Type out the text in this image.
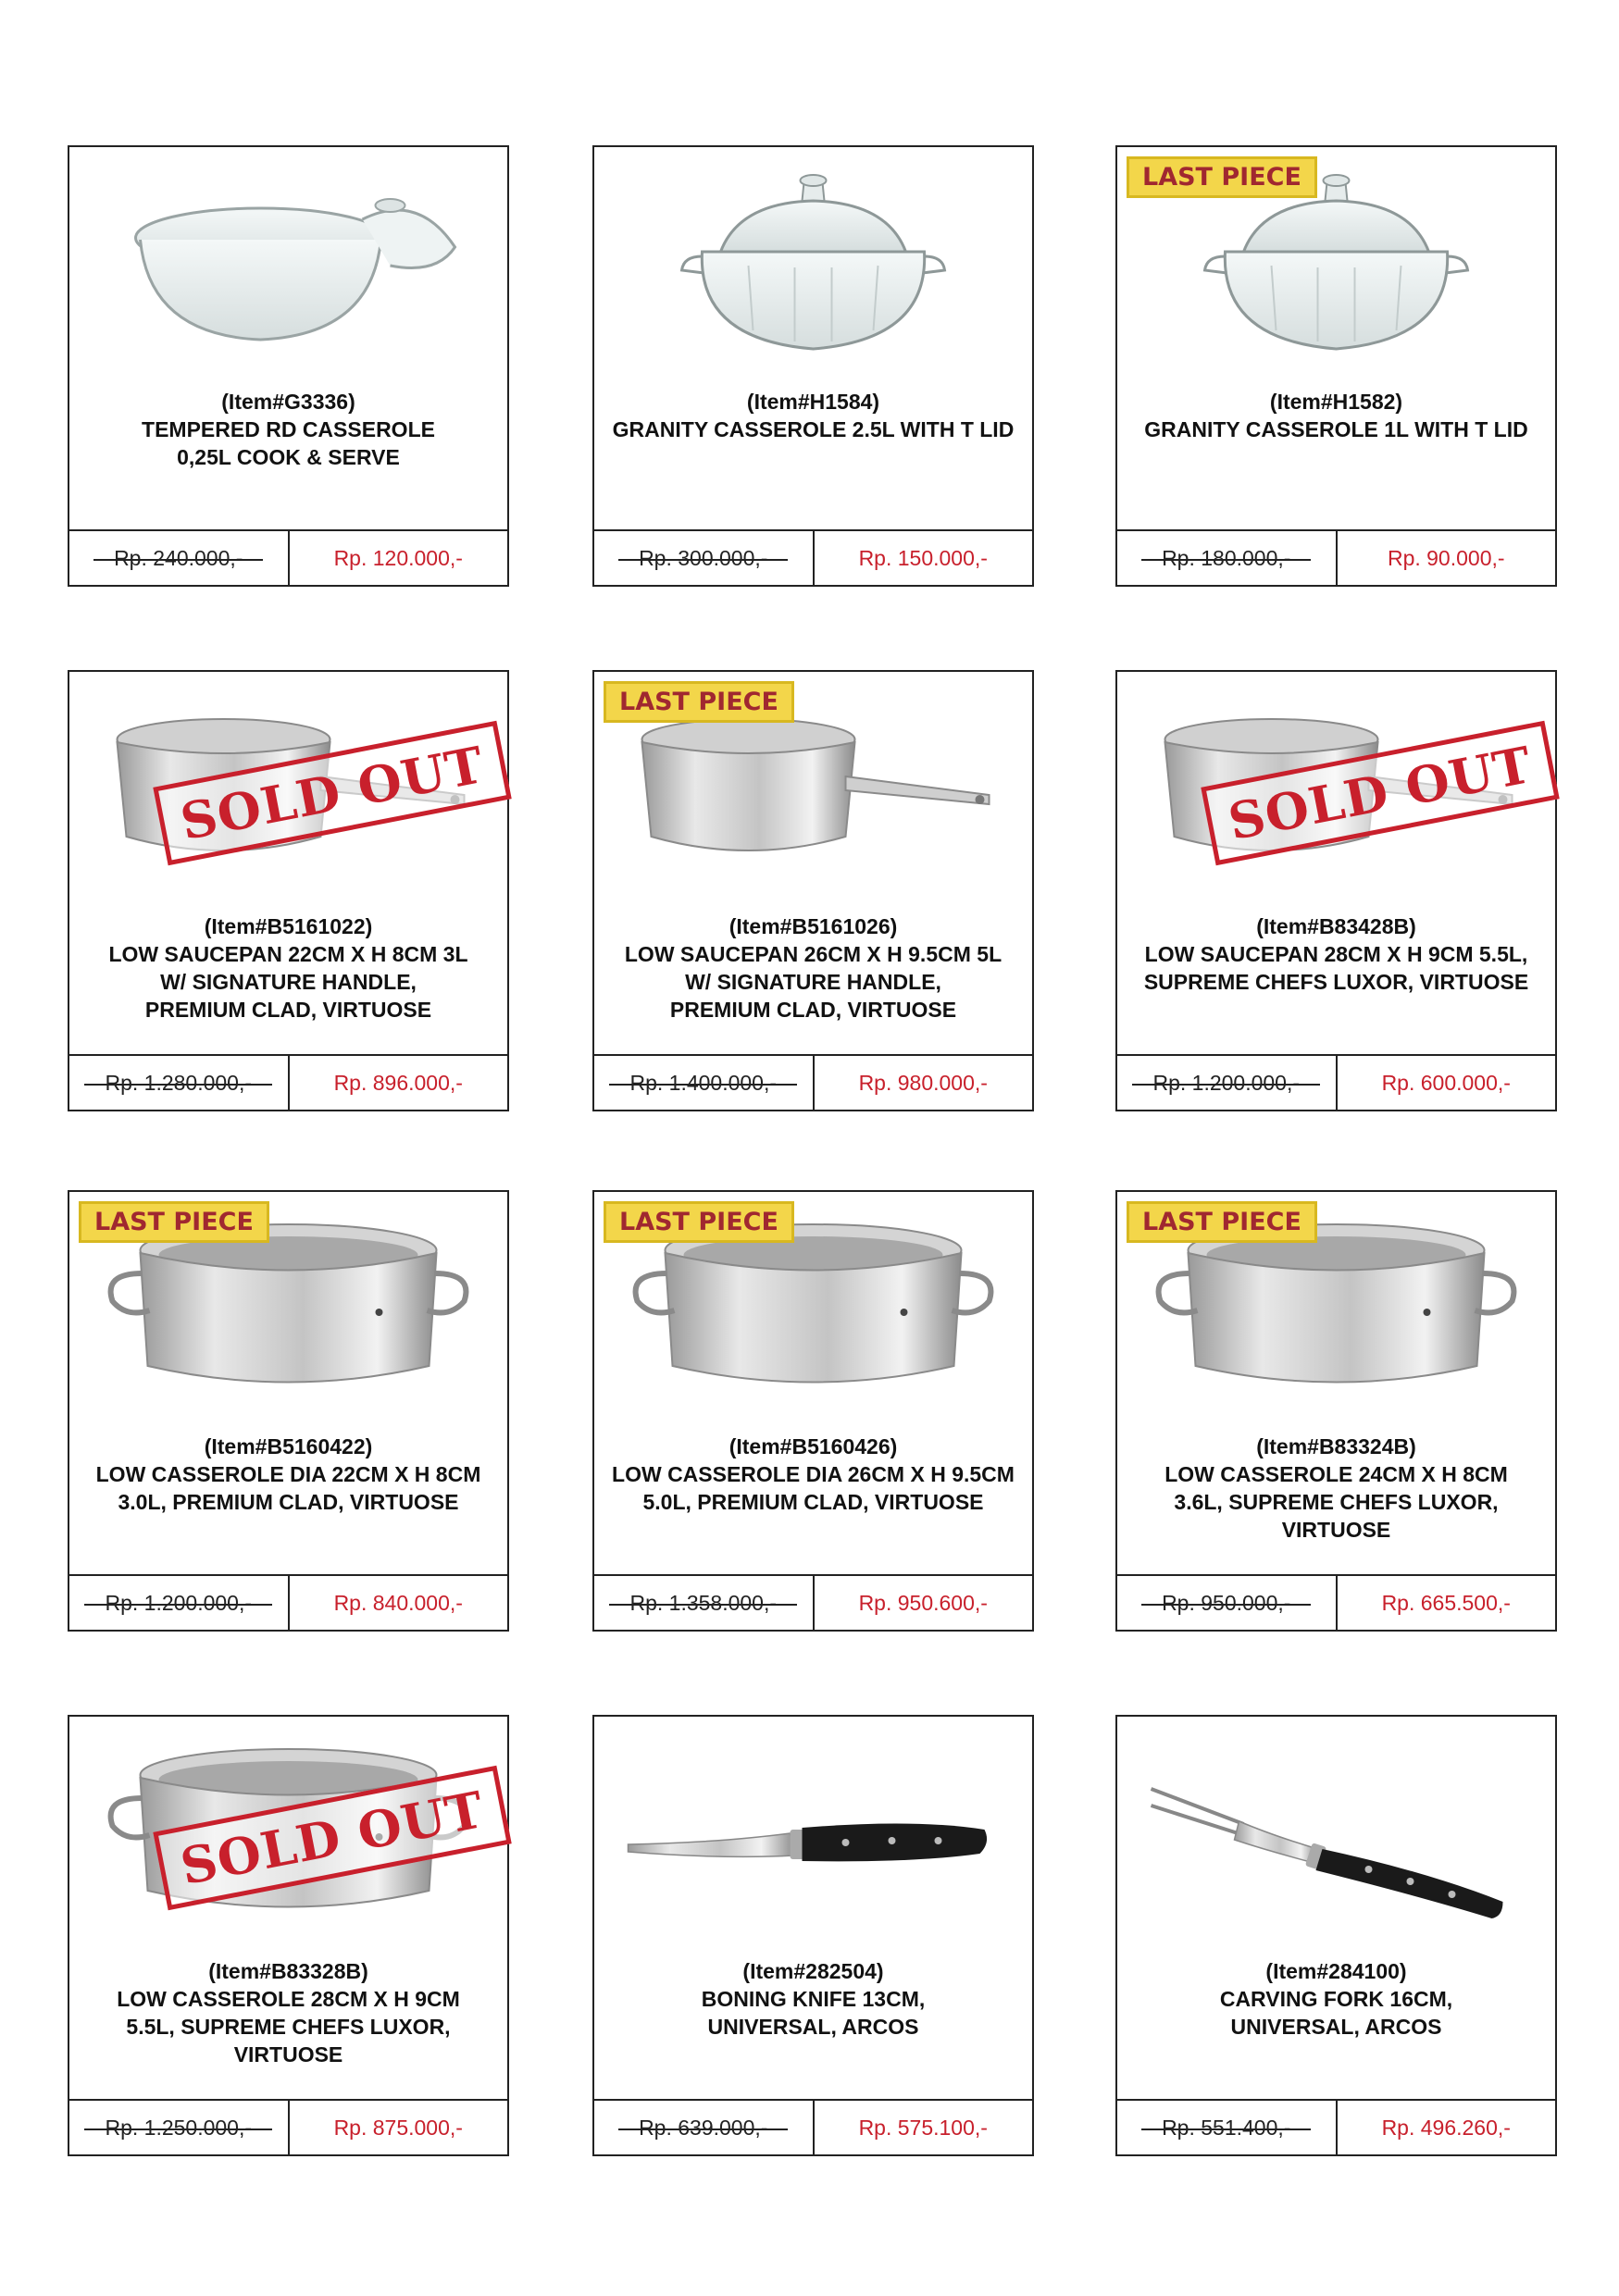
(Item#G3336)
TEMPERED RD CASSEROLE
0,25L COOK & SERVE
Rp. 240.000,-	Rp. 120.000,-
(Item#H1584)
GRANITY CASSEROLE 2.5L WITH T LID
Rp. 300.000,-	Rp. 150.000,-
LAST PIECE
(Item#H1582)
GRANITY CASSEROLE 1L WITH T LID
Rp. 180.000,-	Rp. 90.000,-
SOLD OUT
(Item#B5161022)
LOW SAUCEPAN 22CM X H 8CM 3L
W/ SIGNATURE HANDLE,
PREMIUM CLAD, VIRTUOSE
Rp. 1.280.000,-	Rp. 896.000,-
LAST PIECE
(Item#B5161026)
LOW SAUCEPAN 26CM X H 9.5CM 5L
W/ SIGNATURE HANDLE,
PREMIUM CLAD, VIRTUOSE
Rp. 1.400.000,-	Rp. 980.000,-
SOLD OUT
(Item#B83428B)
LOW SAUCEPAN 28CM X H 9CM 5.5L,
SUPREME CHEFS LUXOR, VIRTUOSE
Rp. 1.200.000,-	Rp. 600.000,-
LAST PIECE
(Item#B5160422)
LOW CASSEROLE DIA 22CM X H 8CM
3.0L, PREMIUM CLAD, VIRTUOSE
Rp. 1.200.000,-	Rp. 840.000,-
LAST PIECE
(Item#B5160426)
LOW CASSEROLE DIA 26CM X H 9.5CM
5.0L, PREMIUM CLAD, VIRTUOSE
Rp. 1.358.000,-	Rp. 950.600,-
LAST PIECE
(Item#B83324B)
LOW CASSEROLE 24CM X H 8CM
3.6L, SUPREME CHEFS LUXOR,
VIRTUOSE
Rp. 950.000,-	Rp. 665.500,-
SOLD OUT
(Item#B83328B)
LOW CASSEROLE 28CM X H 9CM
5.5L, SUPREME CHEFS LUXOR,
VIRTUOSE
Rp. 1.250.000,-	Rp. 875.000,-
(Item#282504)
BONING KNIFE 13CM,
UNIVERSAL, ARCOS
Rp. 639.000,-	Rp. 575.100,-
(Item#284100)
CARVING FORK 16CM,
UNIVERSAL, ARCOS
Rp. 551.400,-	Rp. 496.260,-
